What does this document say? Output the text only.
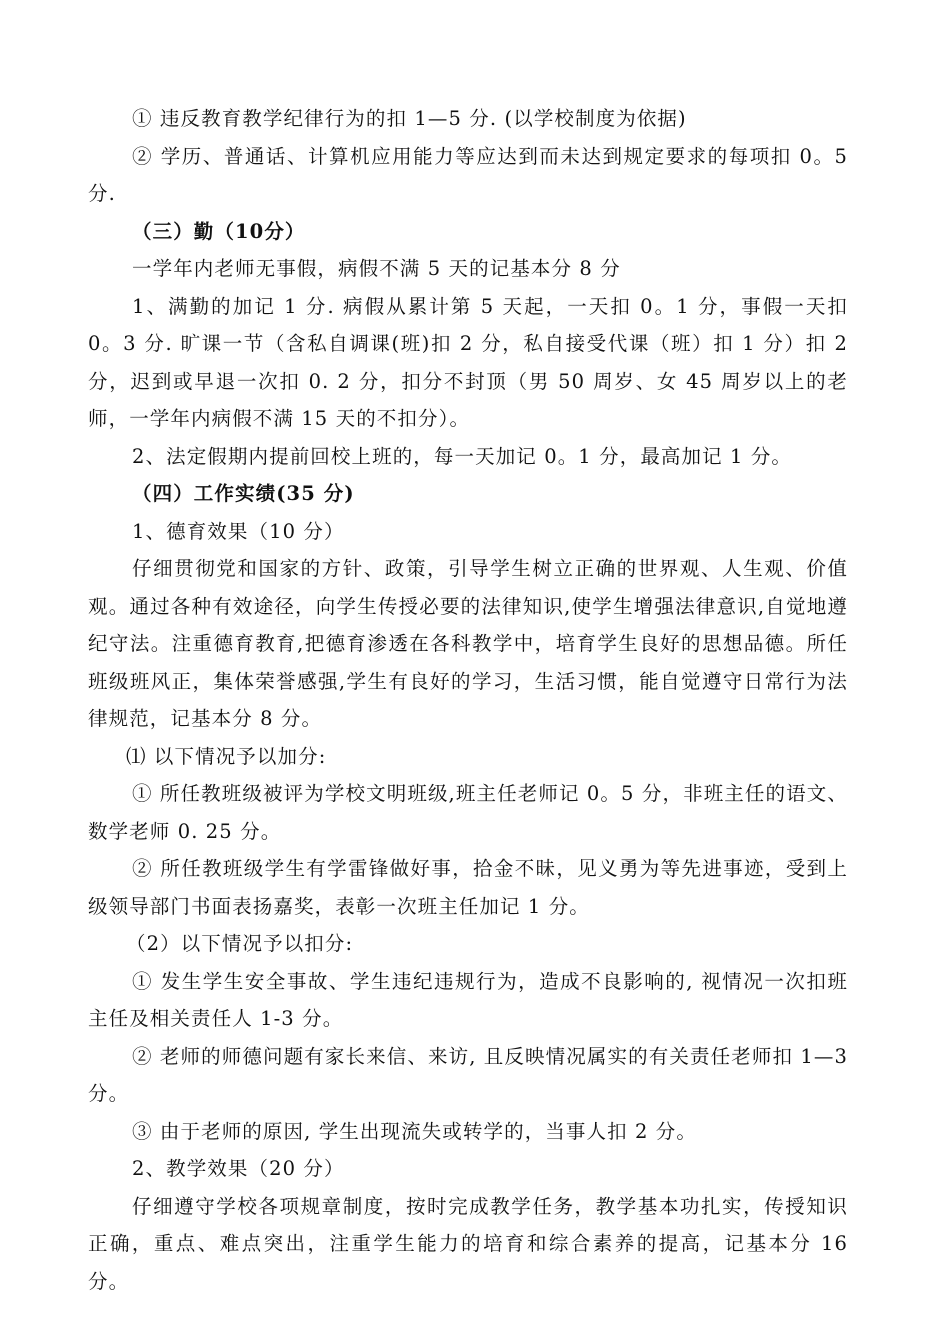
① 违反教育教学纪律行为的扣 1—5 分. (以学校制度为依据)

② 学历、普通话、计算机应用能力等应达到而未达到规定要求的每项扣 0。5 分.

（三）勤（10分）

一学年内老师无事假，病假不满 5 天的记基本分 8 分

1、满勤的加记 1 分. 病假从累计第 5 天起，一天扣 0。1 分，事假一天扣 0。3 分. 旷课一节（含私自调课(班)扣 2 分，私自接受代课（班）扣 1 分）扣 2 分，迟到或早退一次扣 0. 2 分，扣分不封顶（男 50 周岁、女 45 周岁以上的老师，一学年内病假不满 15 天的不扣分）。

2、法定假期内提前回校上班的，每一天加记 0。1 分，最高加记 1 分。

（四）工作实绩(35 分)

1、德育效果（10 分）

仔细贯彻党和国家的方针、政策，引导学生树立正确的世界观、人生观、价值观。通过各种有效途径，向学生传授必要的法律知识,使学生增强法律意识,自觉地遵纪守法。注重德育教育,把德育渗透在各科教学中，培育学生良好的思想品德。所任班级班风正，集体荣誉感强,学生有良好的学习，生活习惯，能自觉遵守日常行为法律规范，记基本分 8 分。

⑴ 以下情况予以加分:

① 所任教班级被评为学校文明班级,班主任老师记 0。5 分，非班主任的语文、数学老师 0. 25 分。

② 所任教班级学生有学雷锋做好事，拾金不昧，见义勇为等先进事迹，受到上级领导部门书面表扬嘉奖，表彰一次班主任加记 1 分。

（2）以下情况予以扣分:

① 发生学生安全事故、学生违纪违规行为，造成不良影响的, 视情况一次扣班主任及相关责任人 1-3 分。

② 老师的师德问题有家长来信、来访, 且反映情况属实的有关责任老师扣 1—3 分。

③ 由于老师的原因, 学生出现流失或转学的，当事人扣 2 分。

2、教学效果（20 分）

仔细遵守学校各项规章制度，按时完成教学任务，教学基本功扎实，传授知识正确，重点、难点突出，注重学生能力的培育和综合素养的提高，记基本分 16 分。
